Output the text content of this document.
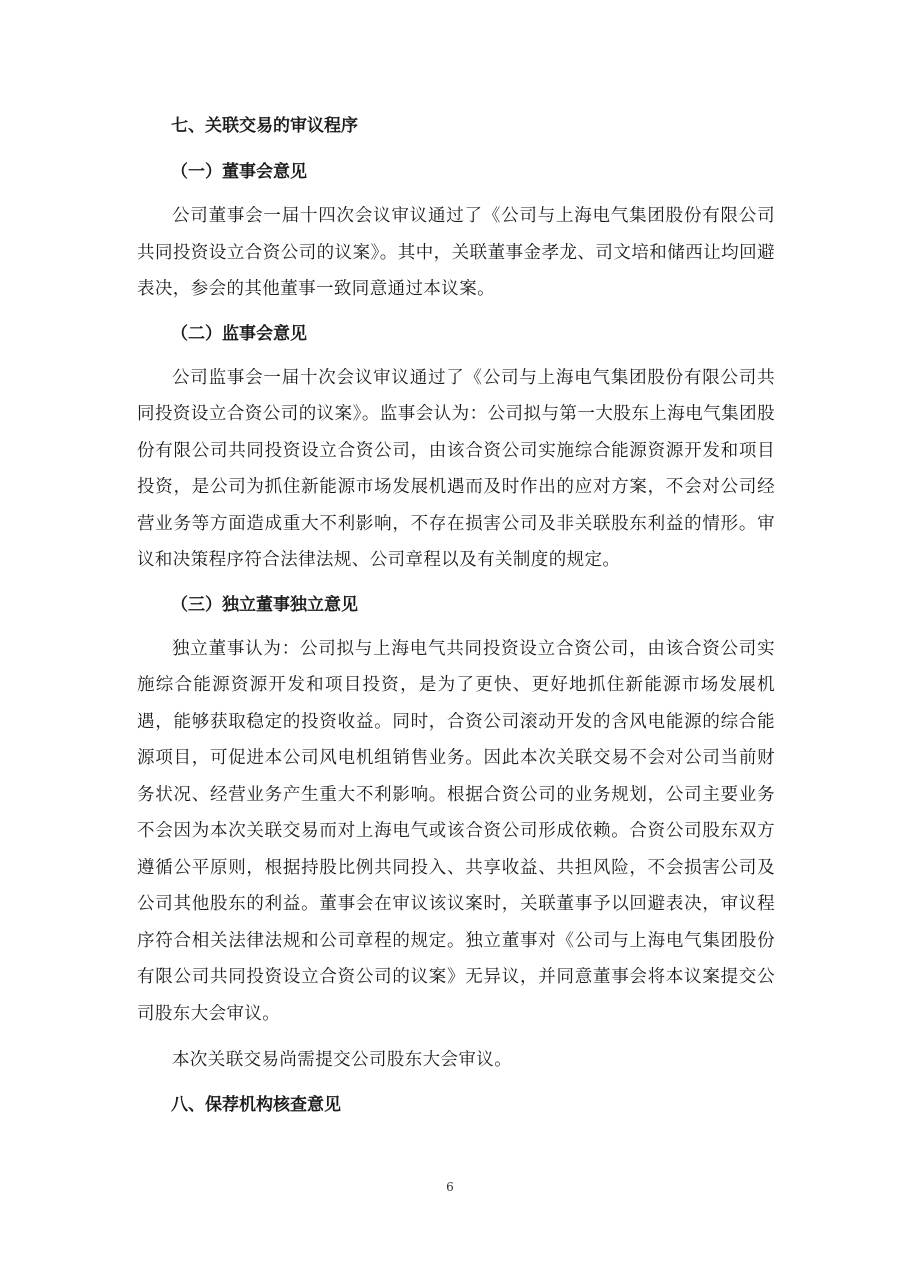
七、关联交易的审议程序
（一）董事会意见

公司董事会一届十四次会议审议通过了《公司与上海电气集团股份有限公司共同投资设立合资公司的议案》。其中，关联董事金孝龙、司文培和储西让均回避表决，参会的其他董事一致同意通过本议案。

（二）监事会意见

公司监事会一届十次会议审议通过了《公司与上海电气集团股份有限公司共同投资设立合资公司的议案》。监事会认为：公司拟与第一大股东上海电气集团股份有限公司共同投资设立合资公司，由该合资公司实施综合能源资源开发和项目投资，是公司为抓住新能源市场发展机遇而及时作出的应对方案，不会对公司经营业务等方面造成重大不利影响，不存在损害公司及非关联股东利益的情形。审议和决策程序符合法律法规、公司章程以及有关制度的规定。

（三）独立董事独立意见

独立董事认为：公司拟与上海电气共同投资设立合资公司，由该合资公司实施综合能源资源开发和项目投资，是为了更快、更好地抓住新能源市场发展机遇，能够获取稳定的投资收益。同时，合资公司滚动开发的含风电能源的综合能源项目，可促进本公司风电机组销售业务。因此本次关联交易不会对公司当前财务状况、经营业务产生重大不利影响。根据合资公司的业务规划，公司主要业务不会因为本次关联交易而对上海电气或该合资公司形成依赖。合资公司股东双方遵循公平原则，根据持股比例共同投入、共享收益、共担风险，不会损害公司及公司其他股东的利益。董事会在审议该议案时，关联董事予以回避表决，审议程序符合相关法律法规和公司章程的规定。独立董事对《公司与上海电气集团股份有限公司共同投资设立合资公司的议案》无异议，并同意董事会将本议案提交公司股东大会审议。

本次关联交易尚需提交公司股东大会审议。

八、保荐机构核查意见
6
